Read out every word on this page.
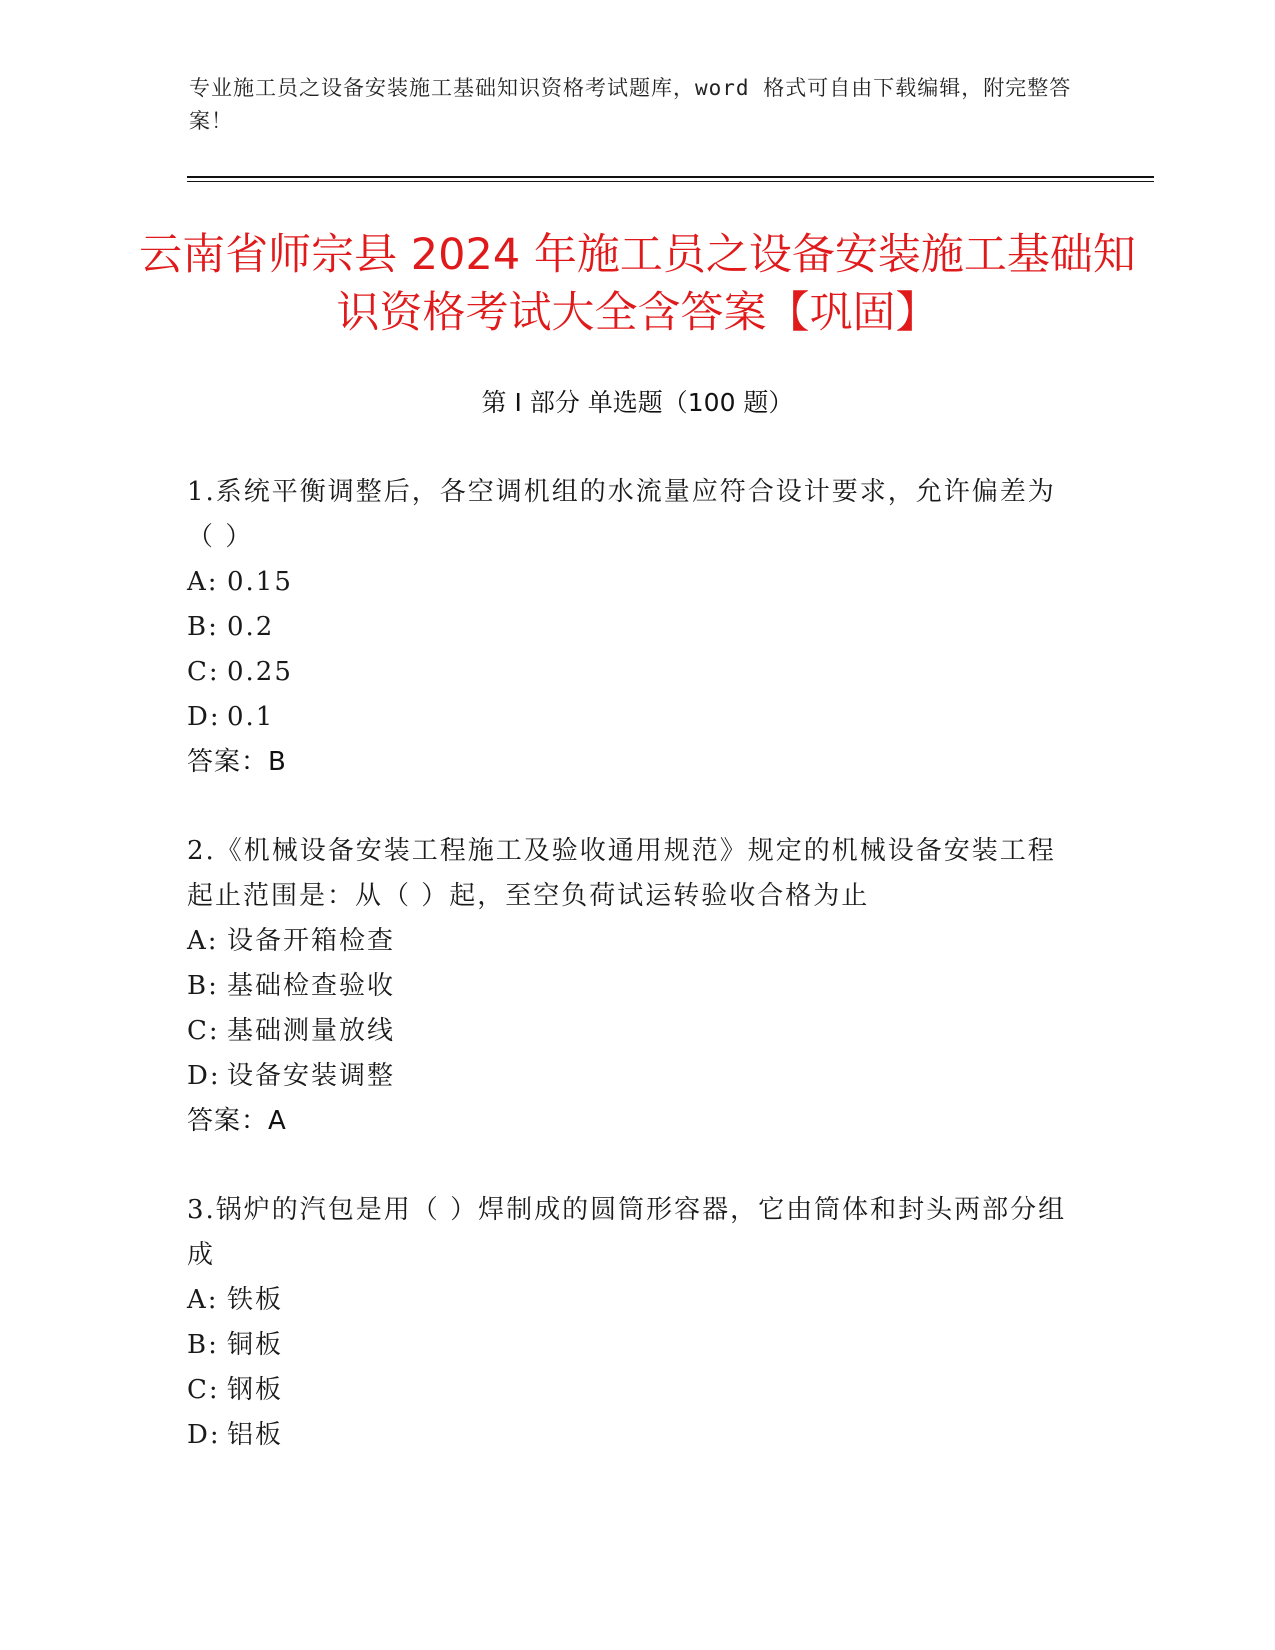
专业施工员之设备安装施工基础知识资格考试题库，word 格式可自由下载编辑，附完整答案！
云南省师宗县 2024 年施工员之设备安装施工基础知识资格考试大全含答案【巩固】
第 I 部分 单选题（100 题）
1.系统平衡调整后，各空调机组的水流量应符合设计要求，允许偏差为（ ）
A: 0.15
B: 0.2
C: 0.25
D: 0.1
答案：B
2.《机械设备安装工程施工及验收通用规范》规定的机械设备安装工程起止范围是：从（ ）起，至空负荷试运转验收合格为止
A: 设备开箱检查
B: 基础检查验收
C: 基础测量放线
D: 设备安装调整
答案：A
3.锅炉的汽包是用（ ）焊制成的圆筒形容器，它由筒体和封头两部分组成
A: 铁板
B: 铜板
C: 钢板
D: 铝板
